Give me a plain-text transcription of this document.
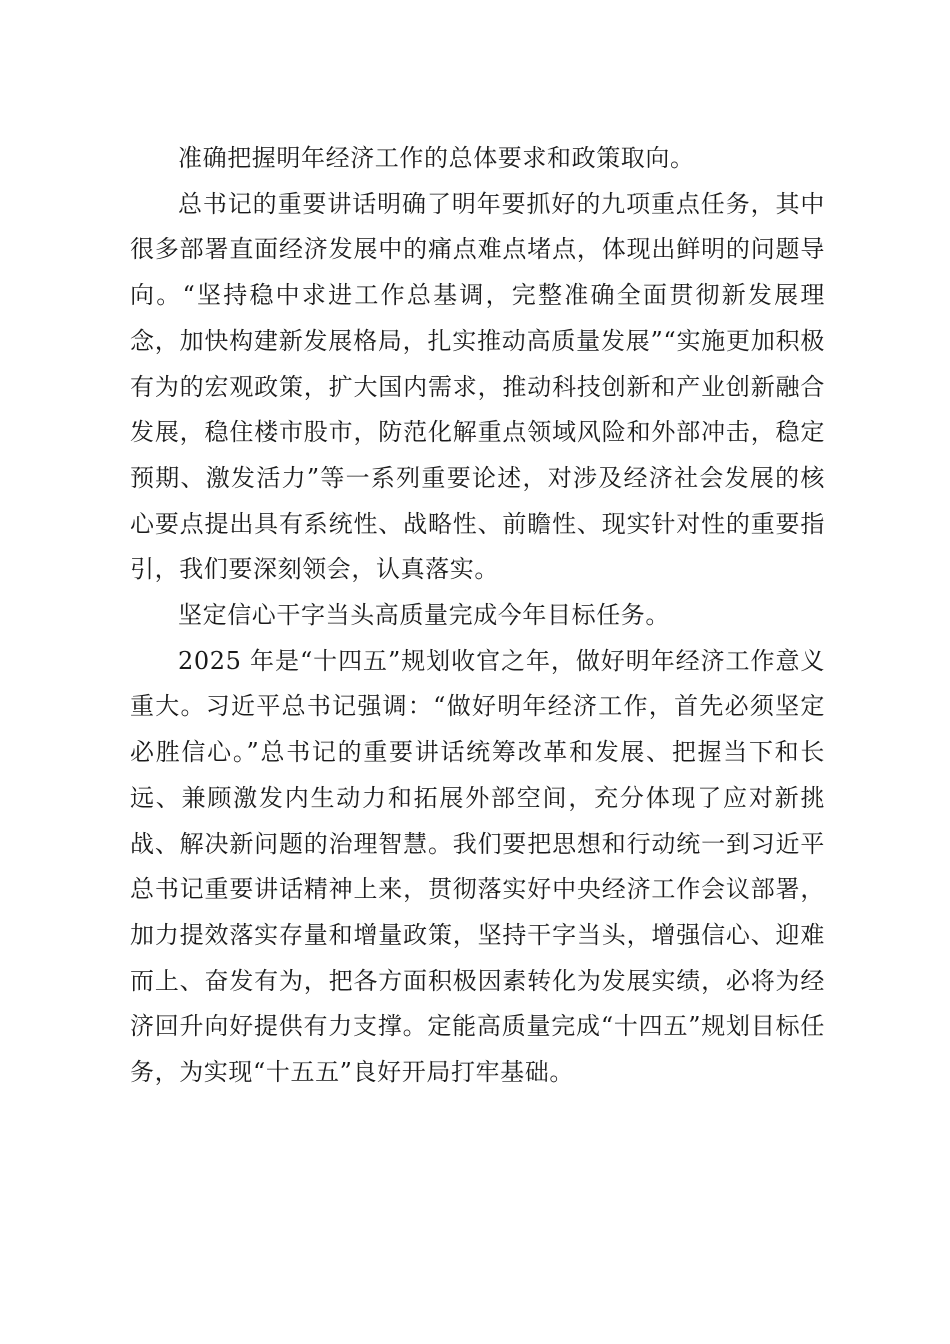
准确把握明年经济工作的总体要求和政策取向。

总书记的重要讲话明确了明年要抓好的九项重点任务，其中很多部署直面经济发展中的痛点难点堵点，体现出鲜明的问题导向。“坚持稳中求进工作总基调，完整准确全面贯彻新发展理念，加快构建新发展格局，扎实推动高质量发展”“实施更加积极有为的宏观政策，扩大国内需求，推动科技创新和产业创新融合发展，稳住楼市股市，防范化解重点领域风险和外部冲击，稳定预期、激发活力”等一系列重要论述，对涉及经济社会发展的核心要点提出具有系统性、战略性、前瞻性、现实针对性的重要指引，我们要深刻领会，认真落实。

坚定信心干字当头高质量完成今年目标任务。

2025 年是“十四五”规划收官之年，做好明年经济工作意义重大。习近平总书记强调：“做好明年经济工作，首先必须坚定必胜信心。”总书记的重要讲话统筹改革和发展、把握当下和长远、兼顾激发内生动力和拓展外部空间，充分体现了应对新挑战、解决新问题的治理智慧。我们要把思想和行动统一到习近平总书记重要讲话精神上来，贯彻落实好中央经济工作会议部署，加力提效落实存量和增量政策，坚持干字当头，增强信心、迎难而上、奋发有为，把各方面积极因素转化为发展实绩，必将为经济回升向好提供有力支撑。定能高质量完成“十四五”规划目标任务，为实现“十五五”良好开局打牢基础。
